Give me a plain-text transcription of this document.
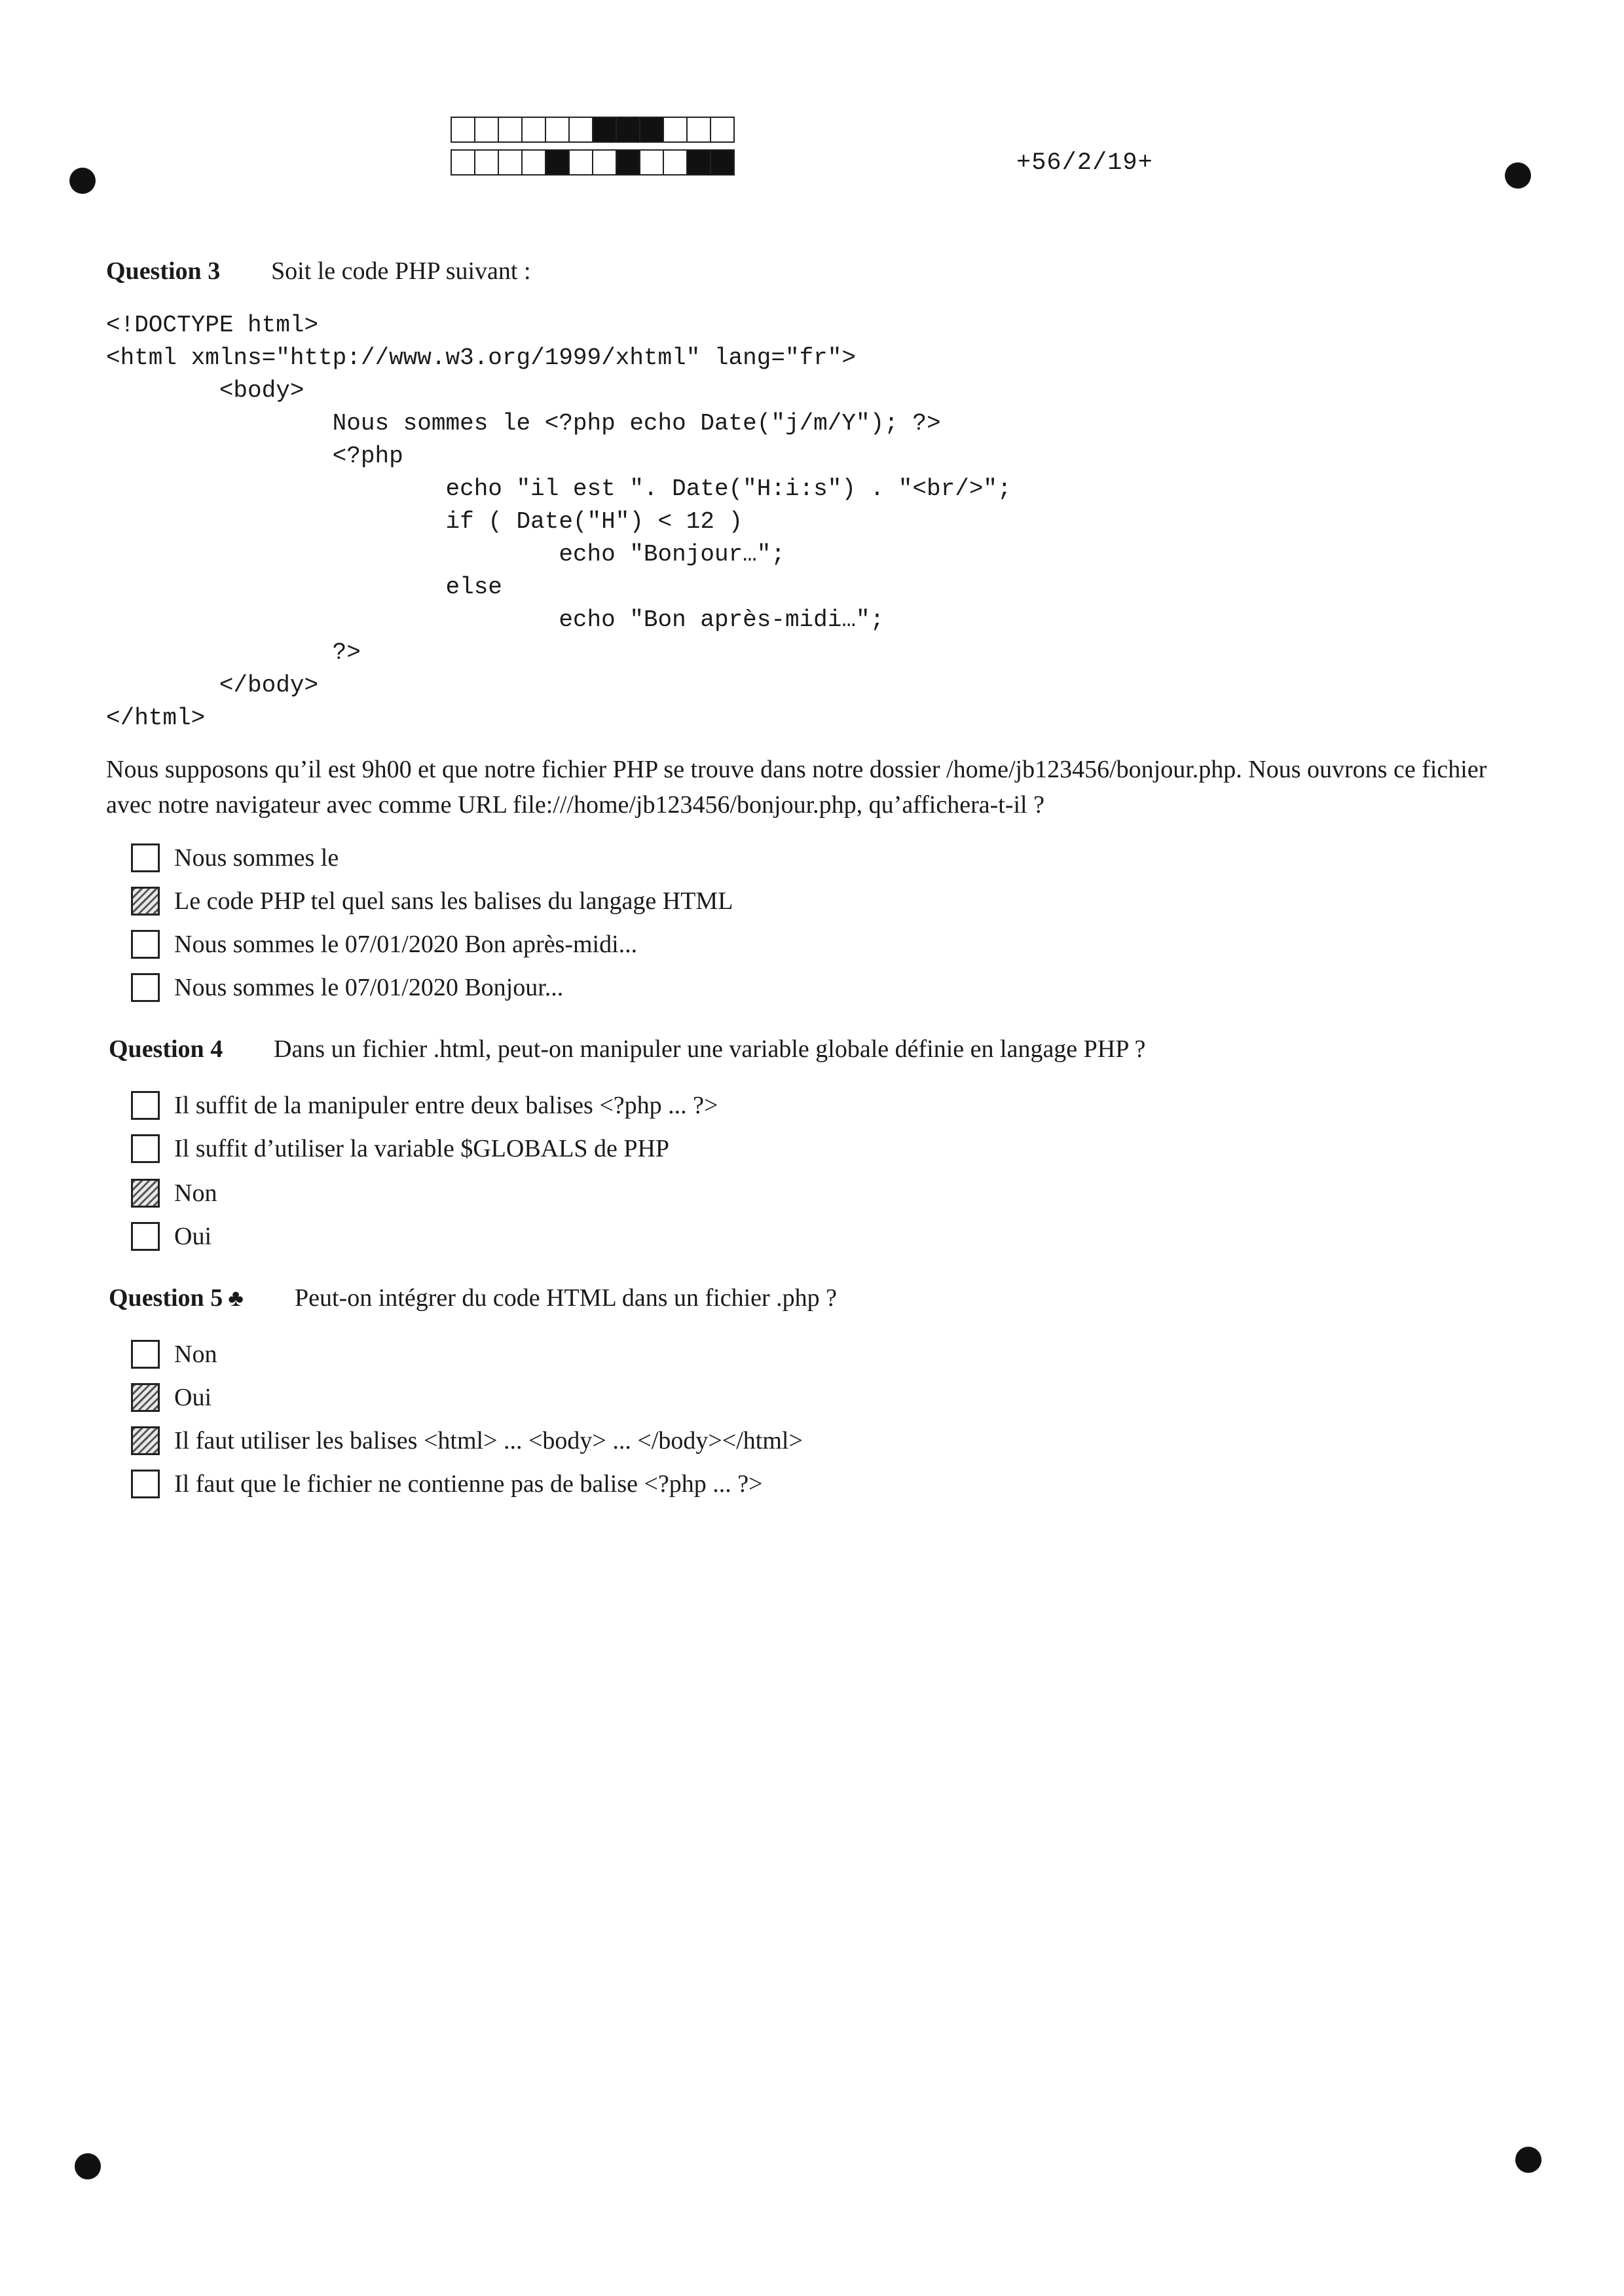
+56/2/19+
Question 3 Soit le code PHP suivant :
<!DOCTYPE html>
<html xmlns="http://www.w3.org/1999/xhtml" lang="fr">
<body>
Nous sommes le <?php echo Date("j/m/Y"); ?>
<?php
echo "il est ". Date("H:i:s") . "<br/>";
if ( Date("H") < 12 )
echo "Bonjour…";
else
echo "Bon après-midi…";
?>
</body>
</html>
Nous supposons qu’il est 9h00 et que notre fichier PHP se trouve dans notre dossier /home/jb123456/bonjour.php. Nous ouvrons ce fichier avec notre navigateur avec comme URL file:///home/jb123456/bonjour.php, qu’affichera-t-il ?
Nous sommes le
Le code PHP tel quel sans les balises du langage HTML
Nous sommes le 07/01/2020 Bon après-midi...
Nous sommes le 07/01/2020 Bonjour...
Question 4 Dans un fichier .html, peut-on manipuler une variable globale définie en langage PHP ?
Il suffit de la manipuler entre deux balises <?php ... ?>
Il suffit d’utiliser la variable $GLOBALS de PHP
Non
Oui
Question 5 ♣ Peut-on intégrer du code HTML dans un fichier .php ?
Non
Oui
Il faut utiliser les balises <html> ... <body> ... </body></html>
Il faut que le fichier ne contienne pas de balise <?php ... ?>
